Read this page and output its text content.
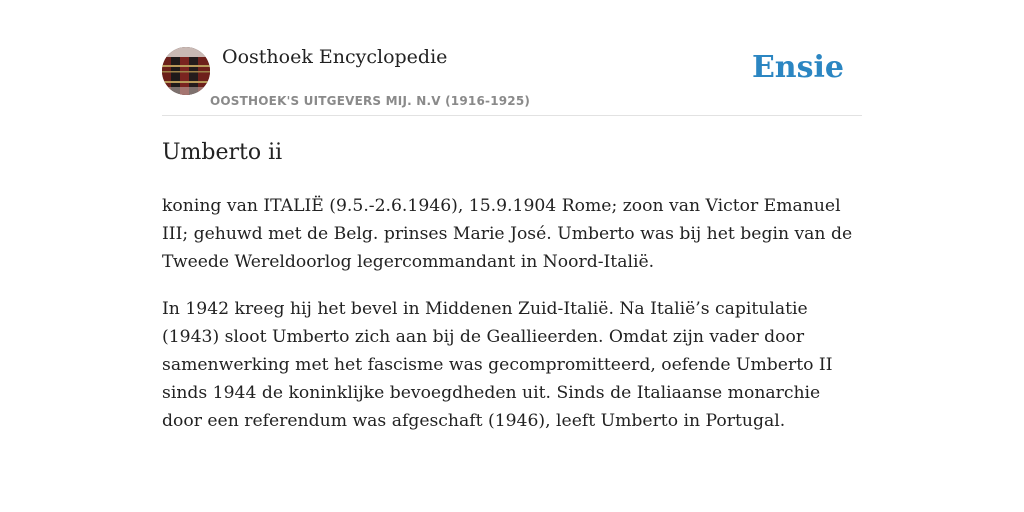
Oosthoek Encyclopedie
OOSTHOEK'S UITGEVERS MIJ. N.V (1916-1925)
Ensie
Umberto ii

koning van ITALIË (9.5.-2.6.1946), 15.9.1904 Rome; zoon van Victor Emanuel III; gehuwd met de Belg. prinses Marie José. Umberto was bij het begin van de Tweede Wereldoorlog legercommandant in Noord-Italië.

In 1942 kreeg hij het bevel in Middenen Zuid-Italië. Na Italië’s capitulatie (1943) sloot Umberto zich aan bij de Geallieerden. Omdat zijn vader door samenwerking met het fascisme was gecompromitteerd, oefende Umberto II sinds 1944 de koninklijke bevoegdheden uit. Sinds de Italiaanse monarchie door een referendum was afgeschaft (1946), leeft Umberto in Portugal.
